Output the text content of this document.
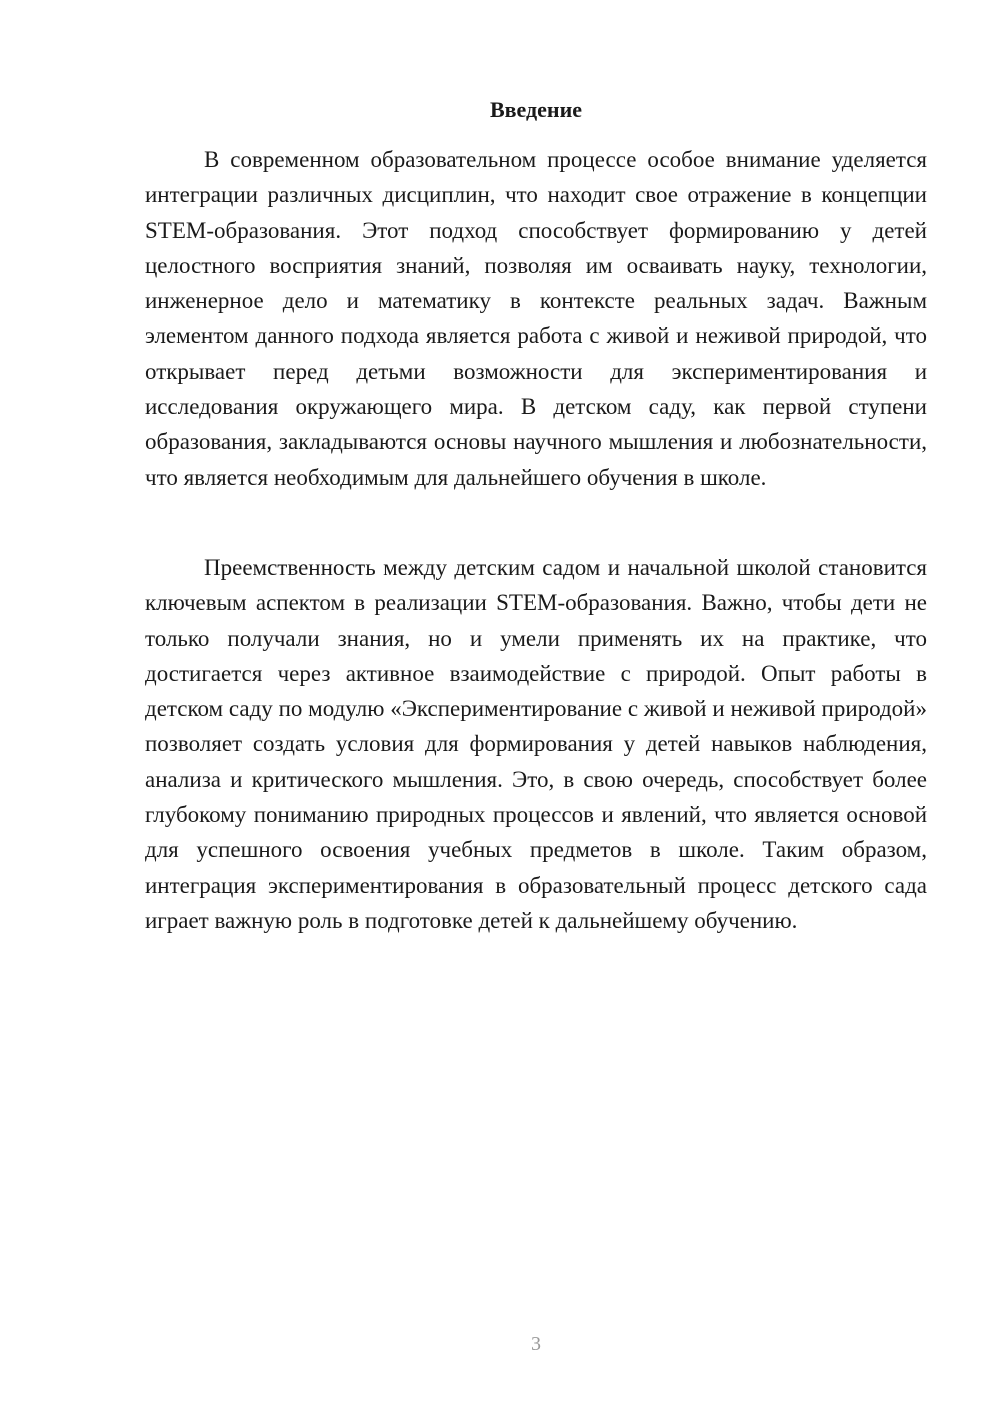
Введение

В современном образовательном процессе особое внимание уделяется интеграции различных дисциплин, что находит свое отражение в концепции STEM-образования. Этот подход способствует формированию у детей целостного восприятия знаний, позволяя им осваивать науку, технологии, инженерное дело и математику в контексте реальных задач. Важным элементом данного подхода является работа с живой и неживой природой, что открывает перед детьми возможности для экспериментирования и исследования окружающего мира. В детском саду, как первой ступени образования, закладываются основы научного мышления и любознательности, что является необходимым для дальнейшего обучения в школе.

Преемственность между детским садом и начальной школой становится ключевым аспектом в реализации STEM-образования. Важно, чтобы дети не только получали знания, но и умели применять их на практике, что достигается через активное взаимодействие с природой. Опыт работы в детском саду по модулю «Экспериментирование с живой и неживой природой» позволяет создать условия для формирования у детей навыков наблюдения, анализа и критического мышления. Это, в свою очередь, способствует более глубокому пониманию природных процессов и явлений, что является основой для успешного освоения учебных предметов в школе. Таким образом, интеграция экспериментирования в образовательный процесс детского сада играет важную роль в подготовке детей к дальнейшему обучению.

3
